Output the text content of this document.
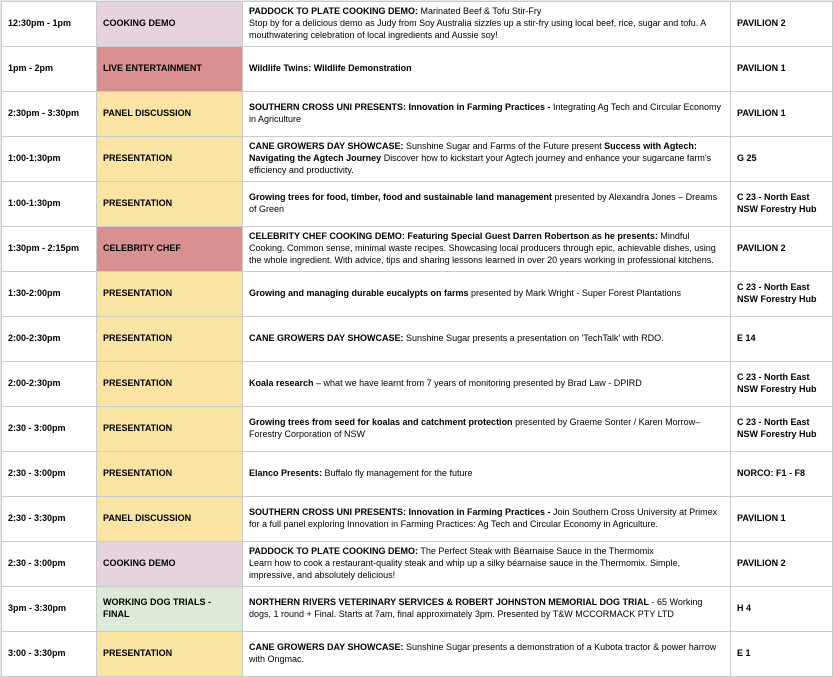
12:30pm - 1pm	COOKING DEMO	PADDOCK TO PLATE COOKING DEMO: Marinated Beef & Tofu Stir-Fry
Stop by for a delicious demo as Judy from Soy Australia sizzles up a stir-fry using local beef, rice, sugar and tofu. A mouthwatering celebration of local ingredients and Aussie soy!	PAVILION 2
1pm - 2pm	LIVE ENTERTAINMENT	Wildlife Twins: Wildlife Demonstration	PAVILION 1
2:30pm - 3:30pm	PANEL DISCUSSION	SOUTHERN CROSS UNI PRESENTS: Innovation in Farming Practices - Integrating Ag Tech and Circular Economy in Agriculture	PAVILION 1
1:00-1:30pm	PRESENTATION	CANE GROWERS DAY SHOWCASE: Sunshine Sugar and Farms of the Future present Success with Agtech: Navigating the Agtech Journey Discover how to kickstart your Agtech journey and enhance your sugarcane farm's efficiency and productivity.	G 25
1:00-1:30pm	PRESENTATION	Growing trees for food, timber, food and sustainable land management presented by Alexandra Jones – Dreams of Green	C 23 - North East NSW Forestry Hub
1:30pm - 2:15pm	CELEBRITY CHEF	CELEBRITY CHEF COOKING DEMO: Featuring Special Guest Darren Robertson as he presents: Mindful Cooking. Common sense, minimal waste recipes. Showcasing local producers through epic, achievable dishes, using the whole ingredient. With advice, tips and sharing lessons learned in over 20 years working in professional kitchens.	PAVILION 2
1:30-2:00pm	PRESENTATION	Growing and managing durable eucalypts on farms presented by Mark Wright - Super Forest Plantations	C 23 - North East NSW Forestry Hub
2:00-2:30pm	PRESENTATION	CANE GROWERS DAY SHOWCASE: Sunshine Sugar presents a presentation on 'TechTalk' with RDO.	E 14
2:00-2:30pm	PRESENTATION	Koala research – what we have learnt from 7 years of monitoring presented by Brad Law - DPIRD	C 23 - North East NSW Forestry Hub
2:30 - 3:00pm	PRESENTATION	Growing trees from seed for koalas and catchment protection presented by Graeme Sonter / Karen Morrow– Forestry Corporation of NSW	C 23 - North East NSW Forestry Hub
2:30 - 3:00pm	PRESENTATION	Elanco Presents: Buffalo fly management for the future	NORCO: F1 - F8
2:30 - 3:30pm	PANEL DISCUSSION	SOUTHERN CROSS UNI PRESENTS: Innovation in Farming Practices - Join Southern Cross University at Primex for a full panel exploring Innovation in Farming Practices: Ag Tech and Circular Economy in Agriculture.	PAVILION 1
2:30 - 3:00pm	COOKING DEMO	PADDOCK TO PLATE COOKING DEMO: The Perfect Steak with Béarnaise Sauce in the Thermomix
Learn how to cook a restaurant-quality steak and whip up a silky béarnaise sauce in the Thermomix. Simple, impressive, and absolutely delicious!	PAVILION 2
3pm - 3:30pm	WORKING DOG TRIALS - FINAL	NORTHERN RIVERS VETERINARY SERVICES & ROBERT JOHNSTON MEMORIAL DOG TRIAL - 65 Working dogs, 1 round + Final. Starts at 7am, final approximately 3pm. Presented by T&W MCCORMACK PTY LTD	H 4
3:00 - 3:30pm	PRESENTATION	CANE GROWERS DAY SHOWCASE: Sunshine Sugar presents a demonstration of a Kubota tractor & power harrow with Ongmac.	E 1
